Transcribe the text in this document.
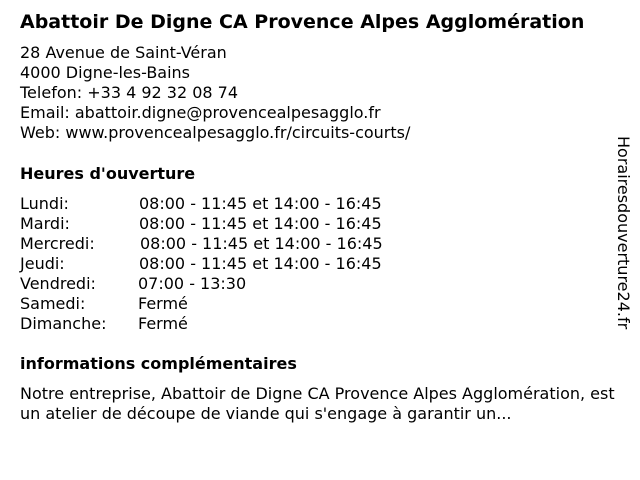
Abattoir De Digne CA Provence Alpes Agglomération
28 Avenue de Saint-Véran
4000 Digne-les-Bains
Telefon: +33 4 92 32 08 74
Email: abattoir.digne@provencealpesagglo.fr
Web: www.provencealpesagglo.fr/circuits-courts/
Heures d'ouverture
Lundi:	08:00 - 11:45 et 14:00 - 16:45
Mardi:	08:00 - 11:45 et 14:00 - 16:45
Mercredi:	08:00 - 11:45 et 14:00 - 16:45
Jeudi:	08:00 - 11:45 et 14:00 - 16:45
Vendredi:	07:00 - 13:30
Samedi:	Fermé
Dimanche: Fermé
informations complémentaires
Notre entreprise, Abattoir de Digne CA Provence Alpes Agglomération, est un atelier de découpe de viande qui s'engage à garantir un...
Horairesdouverture24.fr
